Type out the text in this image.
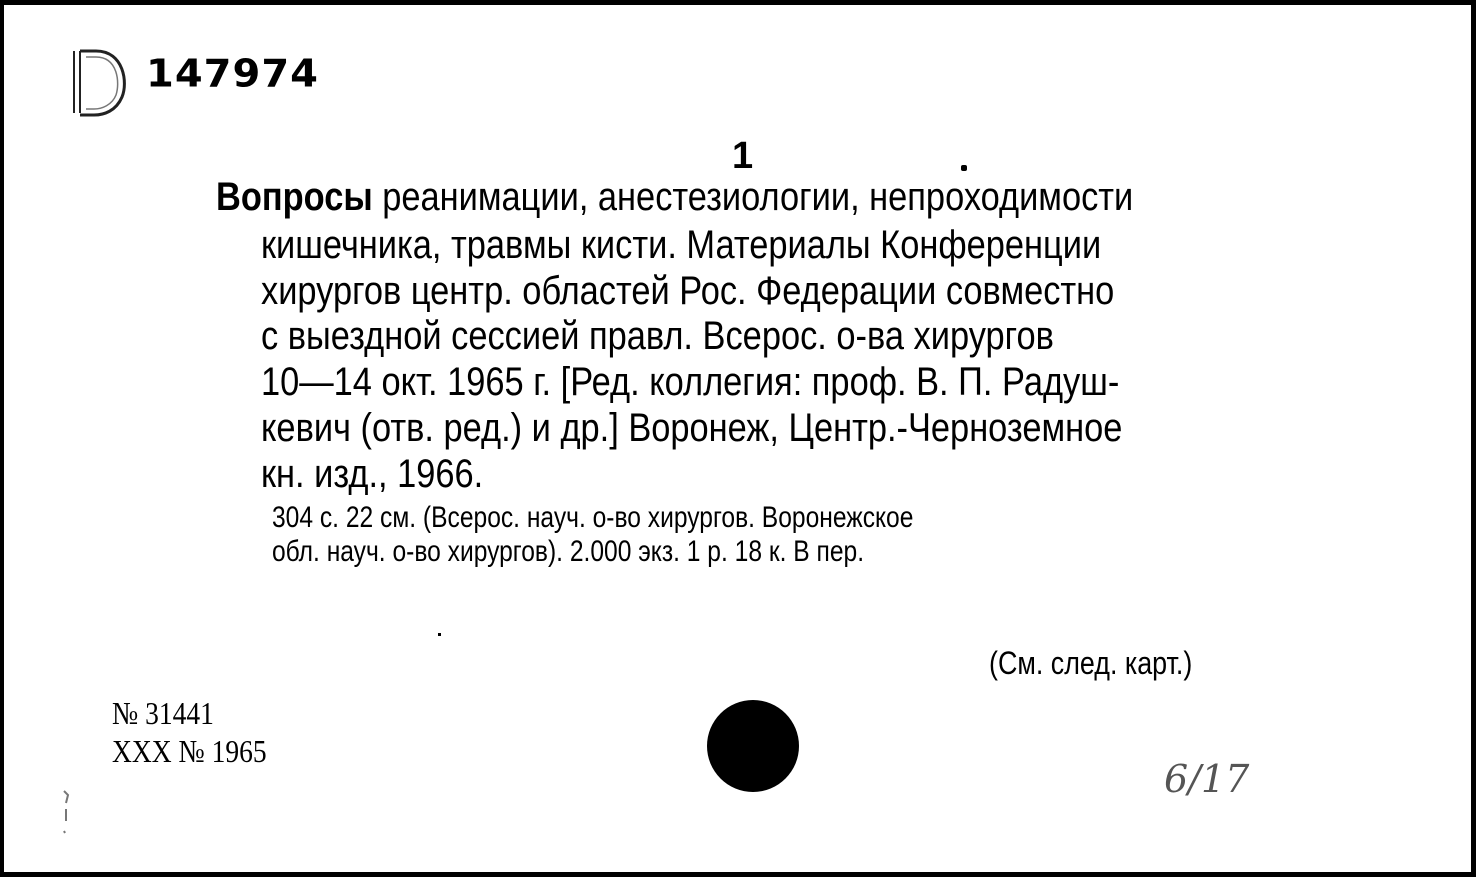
147974
1
Вопросы реанимации, анестезиологии, непроходимости
кишечника, травмы кисти. Материалы Конференции
хирургов центр. областей Рос. Федерации совместно
с выездной сессией правл. Всерос. о-ва хирургов
10—14 окт. 1965 г. [Ред. коллегия: проф. В. П. Радуш-
кевич (отв. ред.) и др.] Воронеж, Центр.-Черноземное
кн. изд., 1966.
304 с. 22 см. (Всерос. науч. о-во хирургов. Воронежское
обл. науч. о-во хирургов). 2.000 экз. 1 р. 18 к. В пер.
(См. след. карт.)
№ 31441
XXX № 1965
6/17
